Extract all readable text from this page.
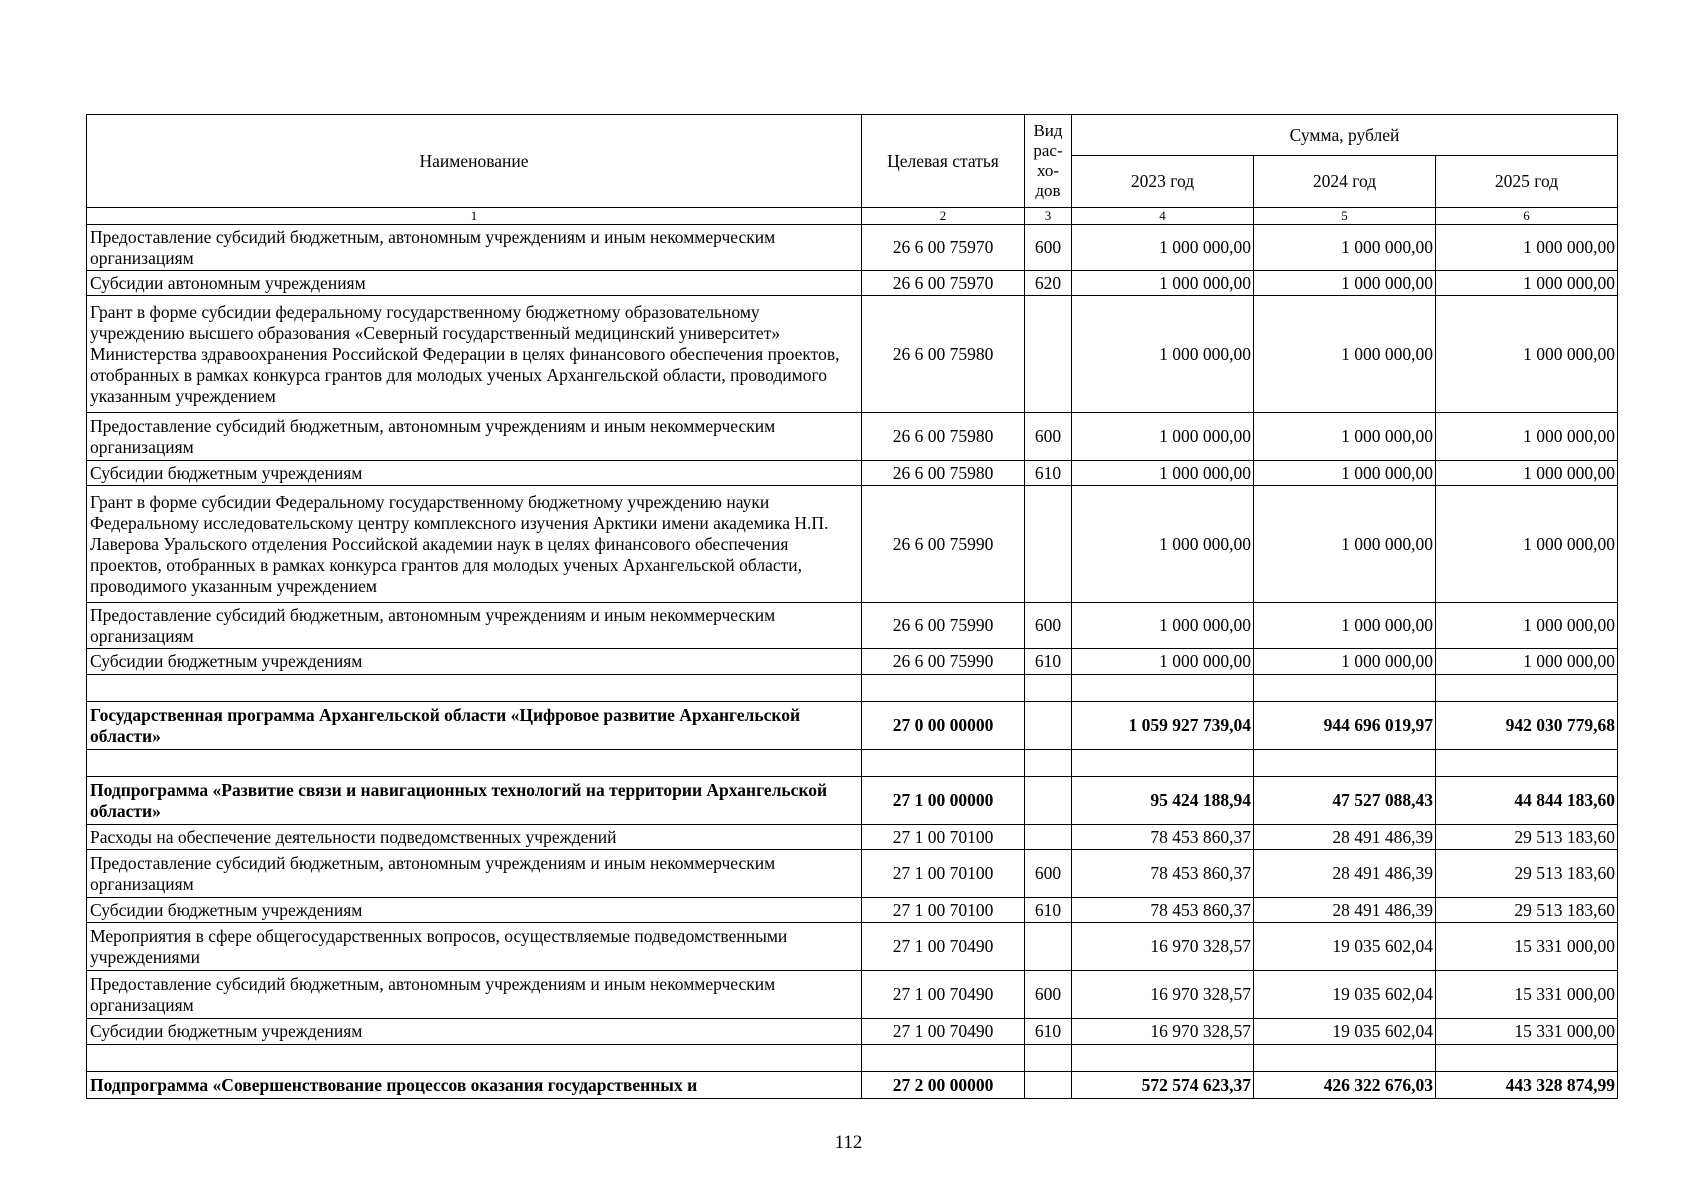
Наименование	Целевая статья	Вид рас-хо-дов	Сумма, рублей		
			2023 год	2024 год	2025 год
1	2	3	4	5	6
Предоставление субсидий бюджетным, автономным учреждениям и иным некоммерческим организациям	26 6 00 75970	600	1 000 000,00	1 000 000,00	1 000 000,00
Субсидии автономным учреждениям	26 6 00 75970	620	1 000 000,00	1 000 000,00	1 000 000,00
Грант в форме субсидии федеральному государственному бюджетному образовательному учреждению высшего образования «Северный государственный медицинский университет» Министерства здравоохранения Российской Федерации в целях финансового обеспечения проектов, отобранных в рамках конкурса грантов для молодых ученых Архангельской области, проводимого указанным учреждением	26 6 00 75980		1 000 000,00	1 000 000,00	1 000 000,00
Предоставление субсидий бюджетным, автономным учреждениям и иным некоммерческим организациям	26 6 00 75980	600	1 000 000,00	1 000 000,00	1 000 000,00
Субсидии бюджетным учреждениям	26 6 00 75980	610	1 000 000,00	1 000 000,00	1 000 000,00
Грант в форме субсидии Федеральному государственному бюджетному учреждению науки Федеральному исследовательскому центру комплексного изучения Арктики имени академика Н.П. Лаверова Уральского отделения Российской академии наук в целях финансового обеспечения проектов, отобранных в рамках конкурса грантов для молодых ученых Архангельской области, проводимого указанным учреждением	26 6 00 75990		1 000 000,00	1 000 000,00	1 000 000,00
Предоставление субсидий бюджетным, автономным учреждениям и иным некоммерческим организациям	26 6 00 75990	600	1 000 000,00	1 000 000,00	1 000 000,00
Субсидии бюджетным учреждениям	26 6 00 75990	610	1 000 000,00	1 000 000,00	1 000 000,00

Государственная программа Архангельской области «Цифровое развитие Архангельской области»	27 0 00 00000		1 059 927 739,04	944 696 019,97	942 030 779,68

Подпрограмма «Развитие связи и навигационных технологий на территории Архангельской области»	27 1 00 00000		95 424 188,94	47 527 088,43	44 844 183,60
Расходы на обеспечение деятельности подведомственных учреждений	27 1 00 70100		78 453 860,37	28 491 486,39	29 513 183,60
Предоставление субсидий бюджетным, автономным учреждениям и иным некоммерческим организациям	27 1 00 70100	600	78 453 860,37	28 491 486,39	29 513 183,60
Субсидии бюджетным учреждениям	27 1 00 70100	610	78 453 860,37	28 491 486,39	29 513 183,60
Мероприятия в сфере общегосударственных вопросов, осуществляемые подведомственными учреждениями	27 1 00 70490		16 970 328,57	19 035 602,04	15 331 000,00
Предоставление субсидий бюджетным, автономным учреждениям и иным некоммерческим организациям	27 1 00 70490	600	16 970 328,57	19 035 602,04	15 331 000,00
Субсидии бюджетным учреждениям	27 1 00 70490	610	16 970 328,57	19 035 602,04	15 331 000,00

Подпрограмма «Совершенствование процессов оказания государственных и	27 2 00 00000		572 574 623,37	426 322 676,03	443 328 874,99
112
